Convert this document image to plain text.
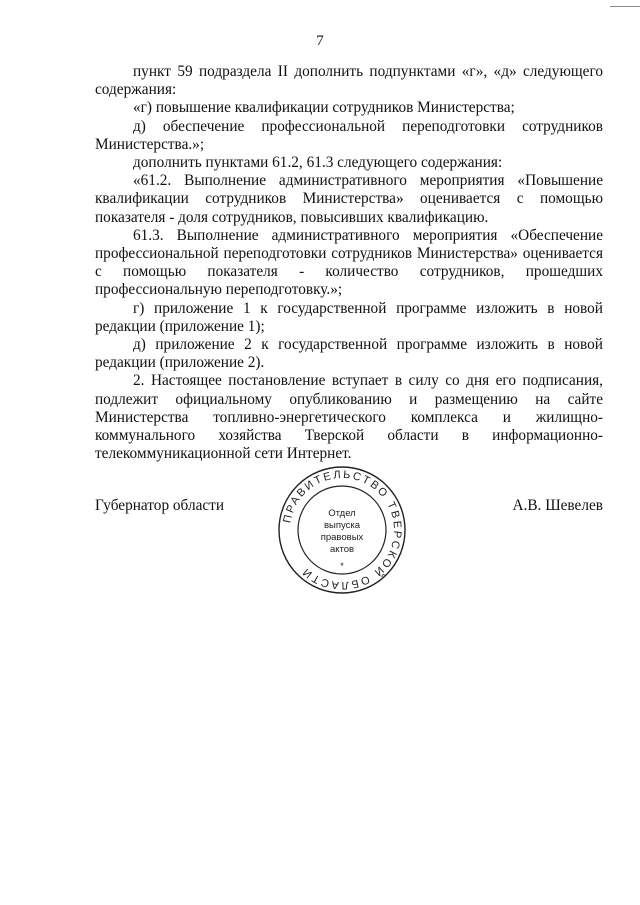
7

пункт 59 подраздела II дополнить подпунктами «г», «д» следующего содержания:

«г) повышение квалификации сотрудников Министерства;

д) обеспечение профессиональной переподготовки сотрудников Министерства.»;

дополнить пунктами 61.2, 61.3 следующего содержания:

«61.2. Выполнение административного мероприятия «Повышение квалификации сотрудников Министерства» оценивается с помощью показателя - доля сотрудников, повысивших квалификацию.

61.3. Выполнение административного мероприятия «Обеспечение профессиональной переподготовки сотрудников Министерства» оценивается с помощью показателя - количество сотрудников, прошедших профессиональную переподготовку.»;

г) приложение 1 к государственной программе изложить в новой редакции (приложение 1);

д) приложение 2 к государственной программе изложить в новой редакции (приложение 2).

2. Настоящее постановление вступает в силу со дня его подписания, подлежит официальному опубликованию и размещению на сайте Министерства топливно-энергетического комплекса и жилищно-коммунального хозяйства Тверской области в информационно-телекоммуникационной сети Интернет.

Губернатор области	А.В. Шевелев
ПРАВИТЕЛЬСТВО ТВЕРСКОЙ ОБЛАСТИ
Отдел
выпуска
правовых
актов
*
